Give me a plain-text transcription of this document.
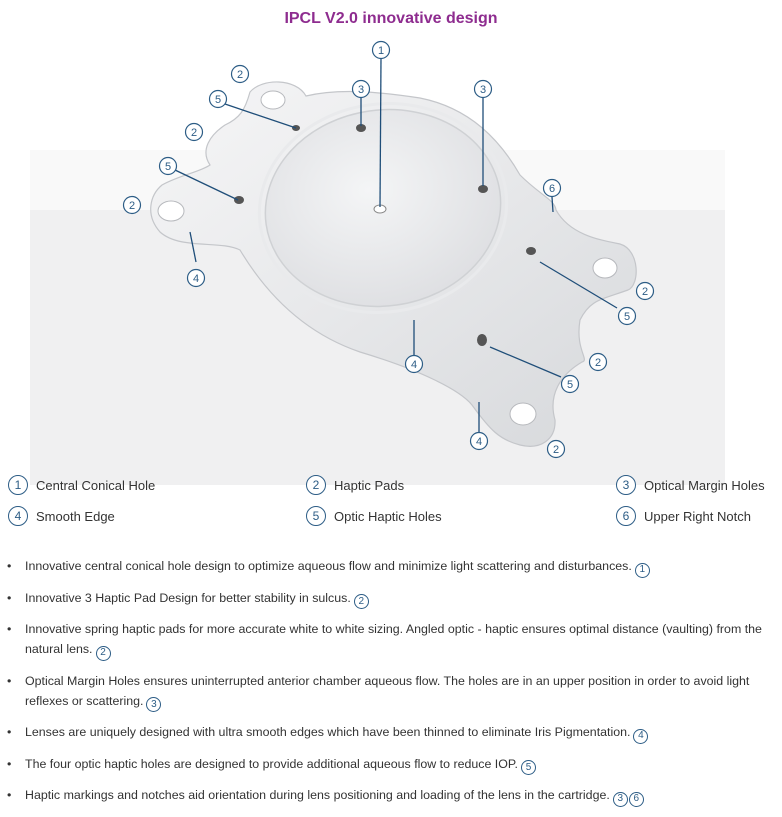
IPCL V2.0 innovative design
1
2
2
2
2
2
2
3	3
4
4
4
5
5
5
5
6
1	Central Conical Hole	2	Haptic Pads	3	Optical Margin Holes
4	Smooth Edge	5	Optic Haptic Holes	6	Upper Right Notch
• Innovative central conical hole design to optimize aqueous flow and minimize light scattering and disturbances. 1
• Innovative 3 Haptic Pad Design for better stability in sulcus. 2
• Innovative spring haptic pads for more accurate white to white sizing. Angled optic - haptic ensures optimal distance (vaulting) from the natural lens. 2
• Optical Margin Holes ensures uninterrupted anterior chamber aqueous flow. The holes are in an upper position in order to avoid light reflexes or scattering. 3
• Lenses are uniquely designed with ultra smooth edges which have been thinned to eliminate Iris Pigmentation. 4
• The four optic haptic holes are designed to provide additional aqueous flow to reduce IOP. 5
• Haptic markings and notches aid orientation during lens positioning and loading of the lens in the cartridge. 3 6
